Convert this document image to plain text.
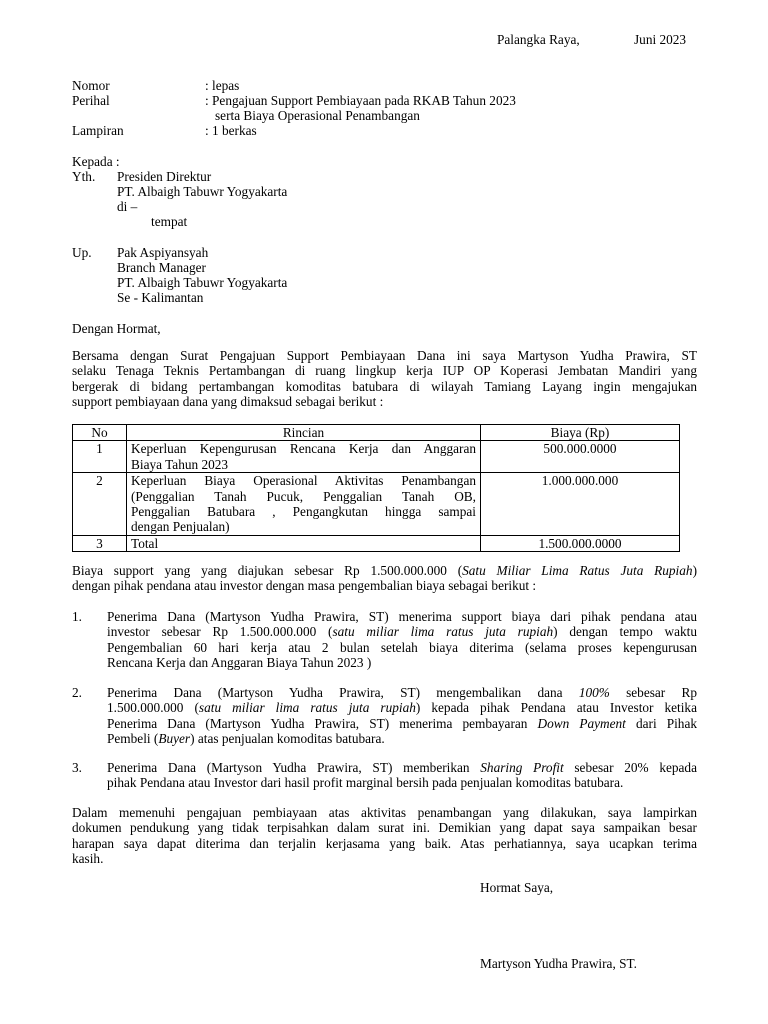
Palangka Raya,	Juni 2023
Nomor	: lepas
Perihal	: Pengajuan Support Pembiayaan pada RKAB Tahun 2023
serta Biaya Operasional Penambangan
Lampiran	: 1 berkas
Kepada :
Yth. Presiden Direktur
PT. Albaigh Tabuwr Yogyakarta
di –
tempat
Up. Pak Aspiyansyah
Branch Manager
PT. Albaigh Tabuwr Yogyakarta
Se - Kalimantan
Dengan Hormat,
Bersama dengan Surat Pengajuan Support Pembiayaan Dana ini saya Martyson Yudha Prawira, ST
selaku Tenaga Teknis Pertambangan di ruang lingkup kerja IUP OP Koperasi Jembatan Mandiri yang
bergerak di bidang pertambangan komoditas batubara di wilayah Tamiang Layang ingin mengajukan
support pembiayaan dana yang dimaksud sebagai berikut :
No	Rincian	Biaya (Rp)
1	Keperluan Kepengurusan Rencana Kerja dan Anggaran
Biaya Tahun 2023	500.000.0000
2	Keperluan Biaya Operasional Aktivitas Penambangan
(Penggalian Tanah Pucuk, Penggalian Tanah OB,
Penggalian Batubara , Pengangkutan hingga sampai
dengan Penjualan)	1.000.000.000
3	Total	1.500.000.0000
Biaya support yang yang diajukan sebesar Rp 1.500.000.000 (Satu Miliar Lima Ratus Juta Rupiah)
dengan pihak pendana atau investor dengan masa pengembalian biaya sebagai berikut :
1. Penerima Dana (Martyson Yudha Prawira, ST) menerima support biaya dari pihak pendana atau
investor sebesar Rp 1.500.000.000 (satu miliar lima ratus juta rupiah) dengan tempo waktu
Pengembalian 60 hari kerja atau 2 bulan setelah biaya diterima (selama proses kepengurusan
Rencana Kerja dan Anggaran Biaya Tahun 2023 )
2. Penerima Dana (Martyson Yudha Prawira, ST) mengembalikan dana 100% sebesar Rp
1.500.000.000 (satu miliar lima ratus juta rupiah) kepada pihak Pendana atau Investor ketika
Penerima Dana (Martyson Yudha Prawira, ST) menerima pembayaran Down Payment dari Pihak
Pembeli (Buyer) atas penjualan komoditas batubara.
3. Penerima Dana (Martyson Yudha Prawira, ST) memberikan Sharing Profit sebesar 20% kepada
pihak Pendana atau Investor dari hasil profit marginal bersih pada penjualan komoditas batubara.
Dalam memenuhi pengajuan pembiayaan atas aktivitas penambangan yang dilakukan, saya lampirkan
dokumen pendukung yang tidak terpisahkan dalam surat ini. Demikian yang dapat saya sampaikan besar
harapan saya dapat diterima dan terjalin kerjasama yang baik. Atas perhatiannya, saya ucapkan terima
kasih.
Hormat Saya,
Martyson Yudha Prawira, ST.
